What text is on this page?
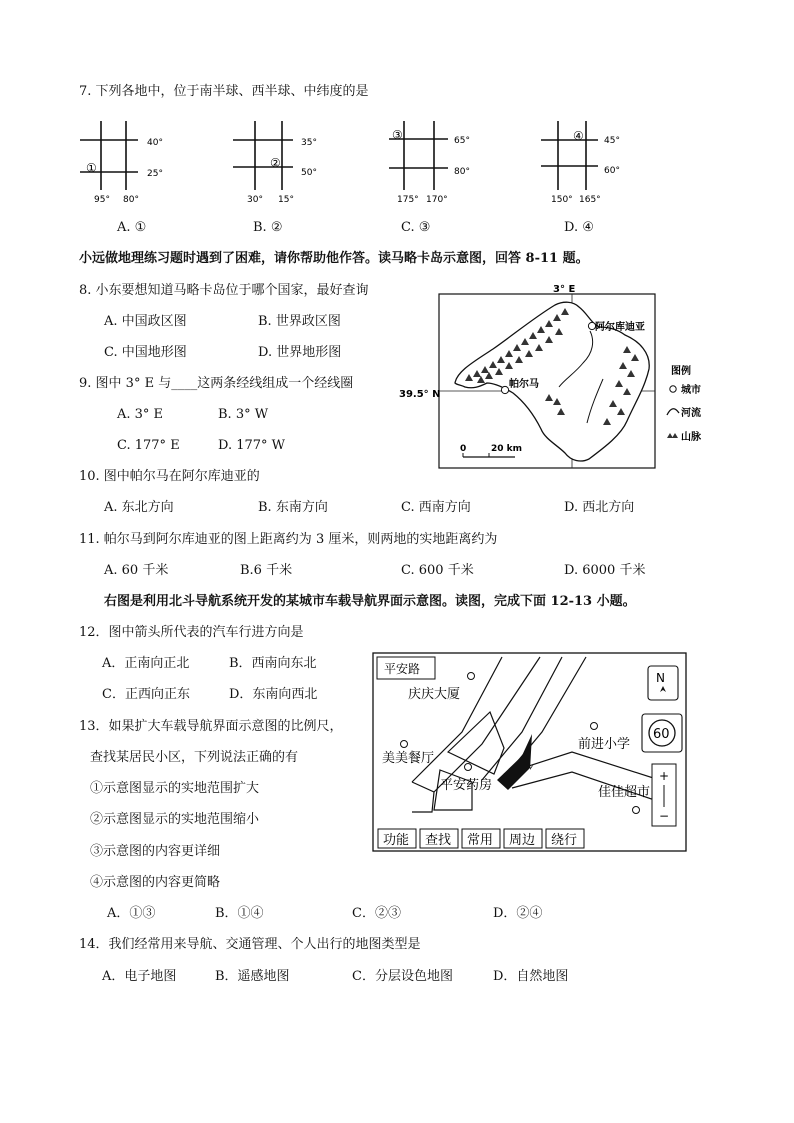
7. 下列各地中，位于南半球、西半球、中纬度的是
40°
25°
95° 80°
①
35°
50°
30° 15°
②
65°
80°
175° 170°
③	45°
60°
150° 165°
④
A. ①	B. ②	C. ③	D. ④
小远做地理练习题时遇到了困难，请你帮助他作答。读马略卡岛示意图，回答 8-11 题。
8. 小东要想知道马略卡岛位于哪个国家，最好查询
A. 中国政区图	B. 世界政区图
C. 中国地形图	D. 世界地形图
9. 图中 3° E 与____这两条经线组成一个经线圈
A. 3° E	B. 3° W
C. 177° E	D. 177° W
3° E
39.5° N
阿尔库迪亚
帕尔马
0	20 km
图例
城市
河流
山脉
10. 图中帕尔马在阿尔库迪亚的
A. 东北方向	B. 东南方向	C. 西南方向	D. 西北方向
11. 帕尔马到阿尔库迪亚的图上距离约为 3 厘米，则两地的实地距离约为
A. 60 千米	B.6 千米	C. 600 千米	D. 6000 千米
右图是利用北斗导航系统开发的某城市车载导航界面示意图。读图，完成下面 12-13 小题。
12．图中箭头所代表的汽车行进方向是
A．正南向正北	B．西南向东北
C．正西向正东	D．东南向西北
13．如果扩大车载导航界面示意图的比例尺，
查找某居民小区，下列说法正确的有
①示意图显示的实地范围扩大
②示意图显示的实地范围缩小
③示意图的内容更详细
④示意图的内容更简略
A．①③	B．①④	C．②③	D．②④
平安路
庆庆大厦
美美餐厅
平安药房
前进小学
佳佳超市
N
60
+
−
功能 查找 常用 周边 绕行
14．我们经常用来导航、交通管理、个人出行的地图类型是
A．电子地图	B．遥感地图	C．分层设色地图	D．自然地图
